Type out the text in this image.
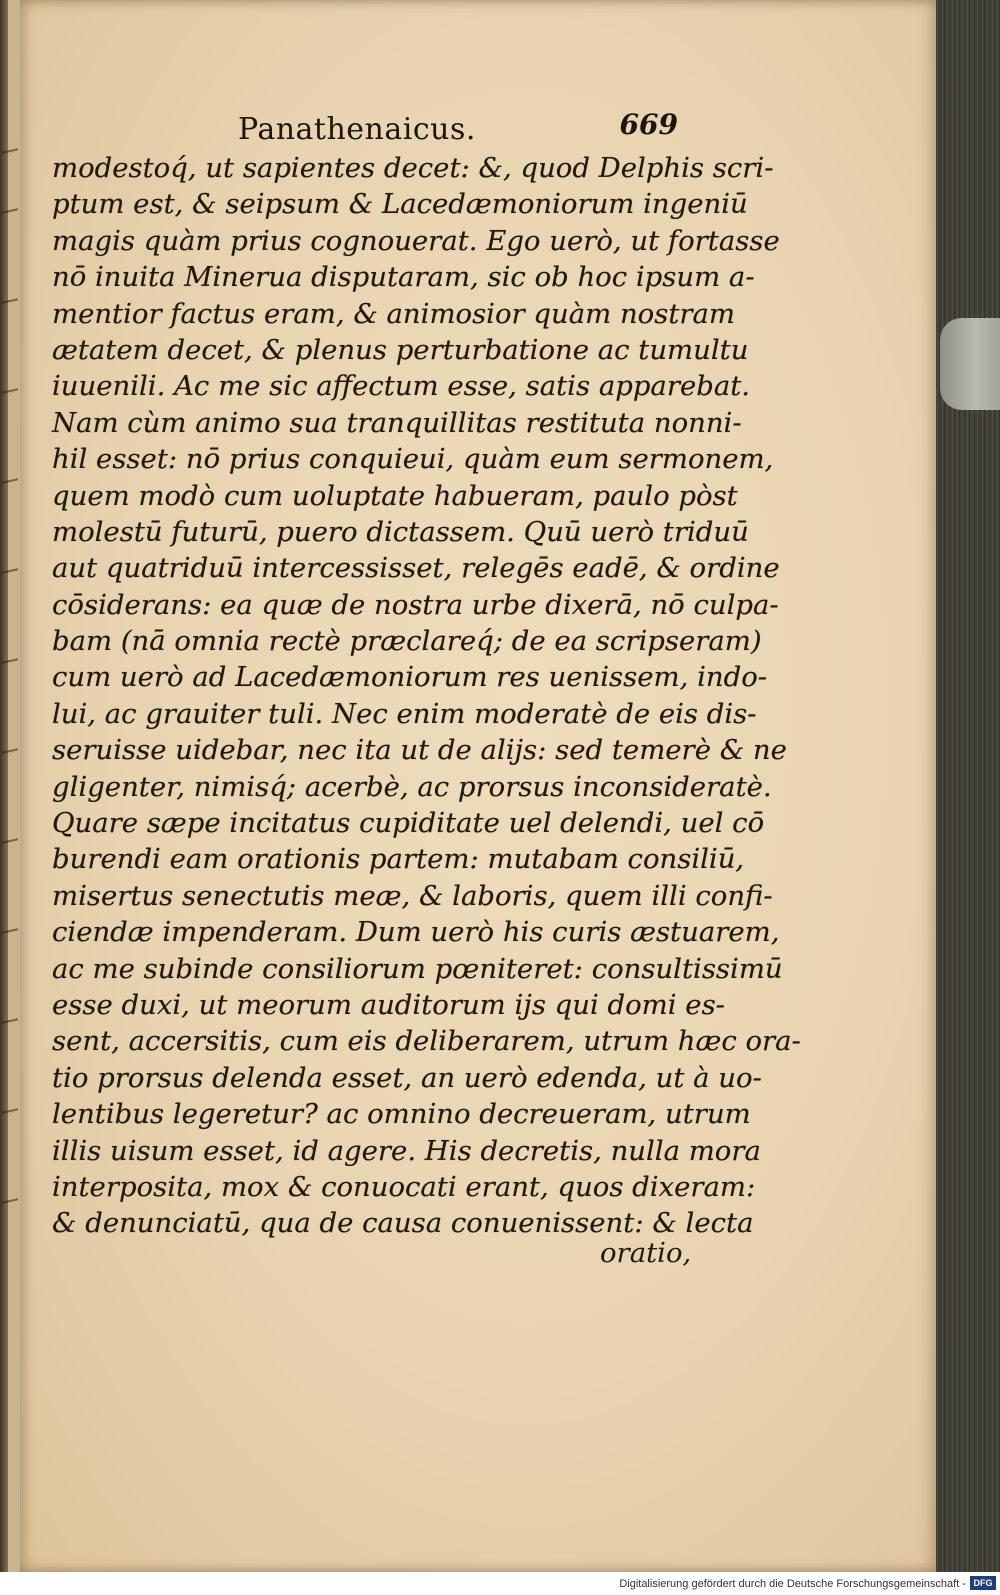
Panathenaicus.	669
modestoq́, ut sapientes decet: &, quod Delphis scri-
ptum est, & seipsum & Lacedæmoniorum ingeniū
magis quàm prius cognouerat. Ego uerò, ut fortasse
nō inuita Minerua disputaram, sic ob hoc ipsum a-
mentior factus eram, & animosior quàm nostram
ætatem decet, & plenus perturbatione ac tumultu
iuuenili. Ac me sic affectum esse, satis apparebat.
Nam cùm animo sua tranquillitas restituta nonni-
hil esset: nō prius conquieui, quàm eum sermonem,
quem modò cum uoluptate habueram, paulo pòst
molestū futurū, puero dictassem. Quū uerò triduū
aut quatriduū intercessisset, relegēs eadē, & ordine
cōsiderans: ea quæ de nostra urbe dixerā, nō culpa-
bam (nā omnia rectè præclareq́; de ea scripseram)
cum uerò ad Lacedæmoniorum res uenissem, indo-
lui, ac grauiter tuli. Nec enim moderatè de eis dis-
seruisse uidebar, nec ita ut de alijs: sed temerè & ne
gligenter, nimisq́; acerbè, ac prorsus inconsideratè.
Quare sæpe incitatus cupiditate uel delendi, uel cō
burendi eam orationis partem: mutabam consiliū,
misertus senectutis meæ, & laboris, quem illi confi-
ciendæ impenderam. Dum uerò his curis æstuarem,
ac me subinde consiliorum pœniteret: consultissimū
esse duxi, ut meorum auditorum ijs qui domi es-
sent, accersitis, cum eis deliberarem, utrum hæc ora-
tio prorsus delenda esset, an uerò edenda, ut à uo-
lentibus legeretur? ac omnino decreueram, utrum
illis uisum esset, id agere. His decretis, nulla mora
interposita, mox & conuocati erant, quos dixeram:
& denunciatū, qua de causa conuenissent: & lecta
oratio,
Digitalisierung gefördert durch die Deutsche Forschungsgemeinschaft - DFG
